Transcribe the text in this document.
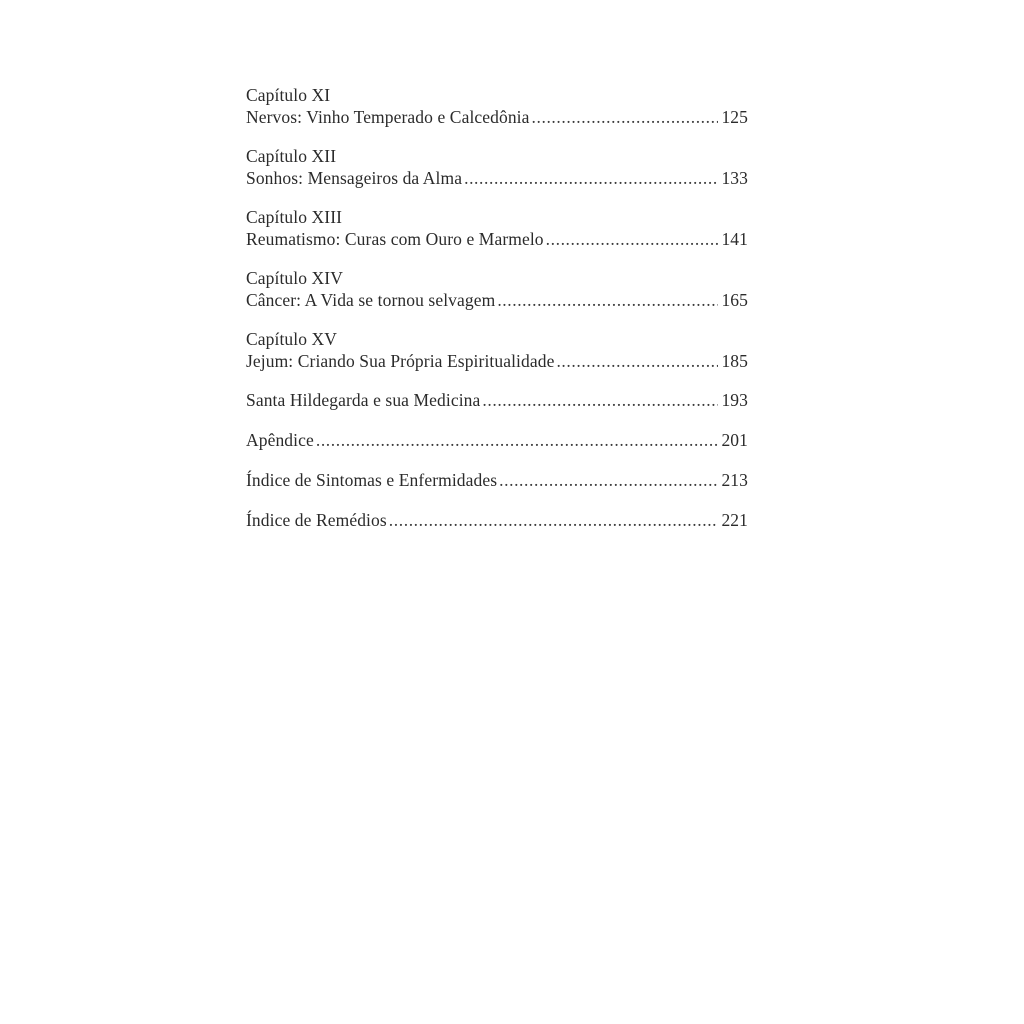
Capítulo XI
Nervos: Vinho Temperado e Calcedônia .....	125
Capítulo XII
Sonhos: Mensageiros da Alma .....	133
Capítulo XIII
Reumatismo: Curas com Ouro e Marmelo .....	141
Capítulo XIV
Câncer: A Vida se tornou selvagem .....	165
Capítulo XV
Jejum: Criando Sua Própria Espiritualidade .....	185
Santa Hildegarda e sua Medicina .....	193
Apêndice .....	201
Índice de Sintomas e Enfermidades .....	213
Índice de Remédios .....	221
